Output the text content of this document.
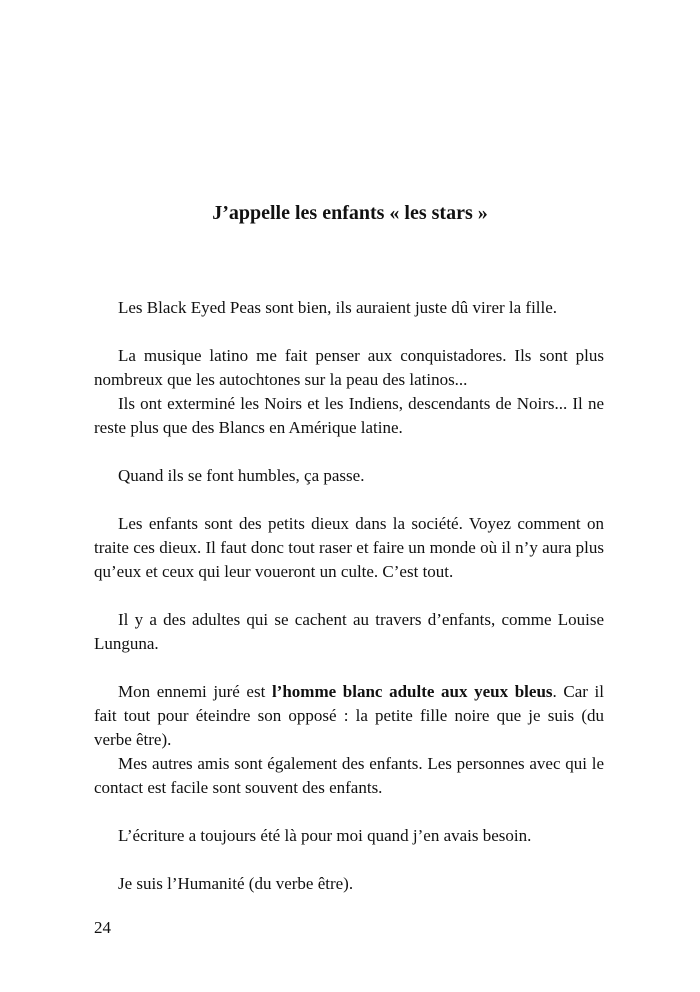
J’appelle les enfants « les stars »

Les Black Eyed Peas sont bien, ils auraient juste dû virer la fille.

La musique latino me fait penser aux conquistadores. Ils sont plus nombreux que les autochtones sur la peau des latinos...

Ils ont exterminé les Noirs et les Indiens, descendants de Noirs... Il ne reste plus que des Blancs en Amérique latine.

Quand ils se font humbles, ça passe.

Les enfants sont des petits dieux dans la société. Voyez comment on traite ces dieux. Il faut donc tout raser et faire un monde où il n’y aura plus qu’eux et ceux qui leur voueront un culte. C’est tout.

Il y a des adultes qui se cachent au travers d’enfants, comme Louise Lunguna.

Mon ennemi juré est l’homme blanc adulte aux yeux bleus. Car il fait tout pour éteindre son opposé : la petite fille noire que je suis (du verbe être).

Mes autres amis sont également des enfants. Les personnes avec qui le contact est facile sont souvent des enfants.

L’écriture a toujours été là pour moi quand j’en avais besoin.

Je suis l’Humanité (du verbe être).

24
